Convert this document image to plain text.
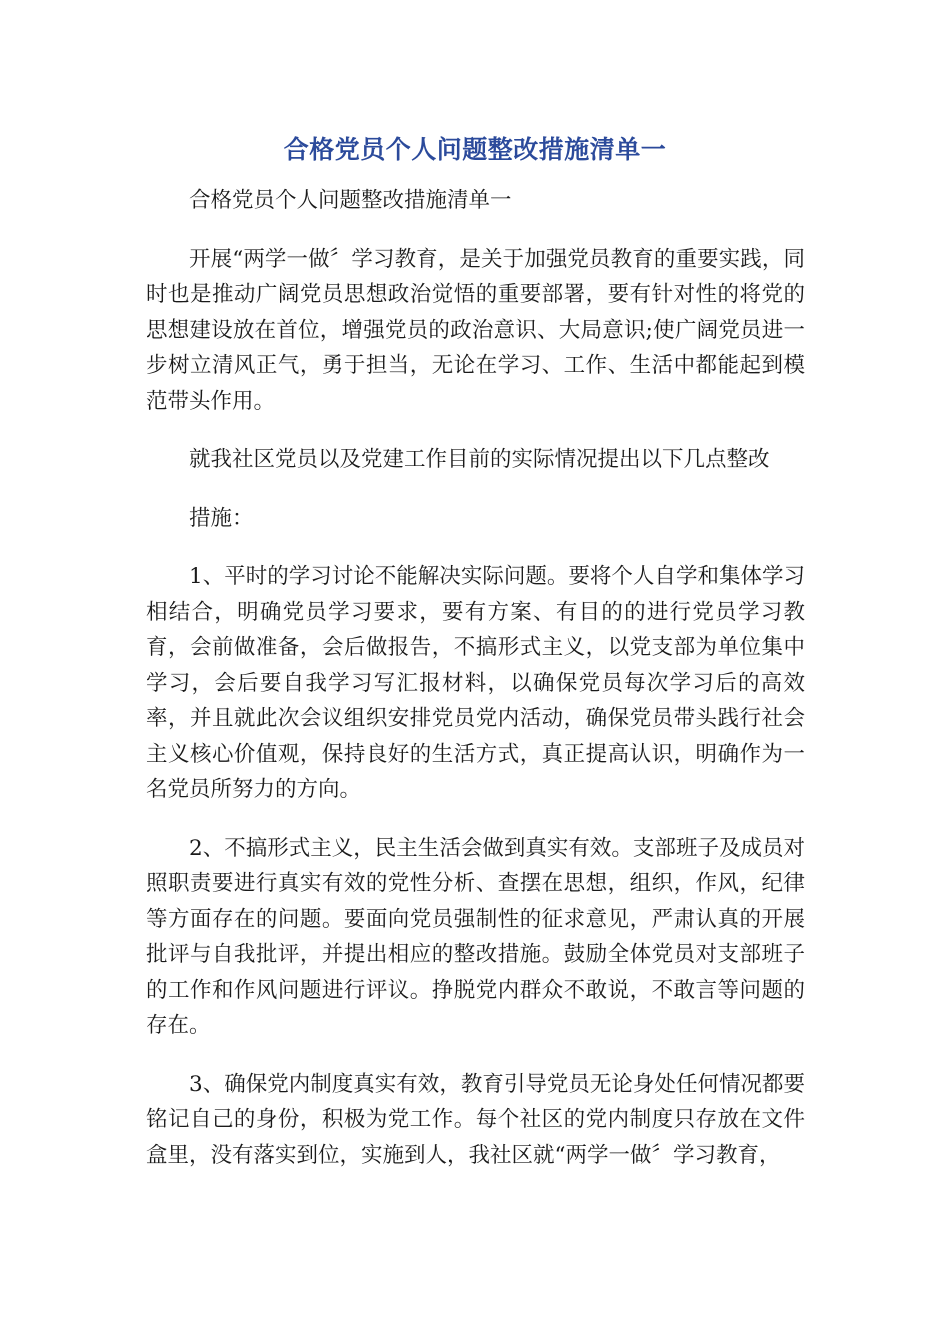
合格党员个人问题整改措施清单一

合格党员个人问题整改措施清单一

开展“两学一做〞学习教育，是关于加强党员教育的重要实践，同时也是推动广阔党员思想政治觉悟的重要部署，要有针对性的将党的思想建设放在首位，增强党员的政治意识、大局意识;使广阔党员进一步树立清风正气，勇于担当，无论在学习、工作、生活中都能起到模范带头作用。

就我社区党员以及党建工作目前的实际情况提出以下几点整改

措施：

1、平时的学习讨论不能解决实际问题。要将个人自学和集体学习相结合，明确党员学习要求，要有方案、有目的的进行党员学习教育，会前做准备，会后做报告，不搞形式主义，以党支部为单位集中学习，会后要自我学习写汇报材料，以确保党员每次学习后的高效率，并且就此次会议组织安排党员党内活动，确保党员带头践行社会主义核心价值观，保持良好的生活方式，真正提高认识，明确作为一名党员所努力的方向。

2、不搞形式主义，民主生活会做到真实有效。支部班子及成员对照职责要进行真实有效的党性分析、查摆在思想，组织，作风，纪律等方面存在的问题。要面向党员强制性的征求意见，严肃认真的开展批评与自我批评，并提出相应的整改措施。鼓励全体党员对支部班子的工作和作风问题进行评议。挣脱党内群众不敢说，不敢言等问题的存在。

3、确保党内制度真实有效，教育引导党员无论身处任何情况都要铭记自己的身份，积极为党工作。每个社区的党内制度只存放在文件盒里，没有落实到位，实施到人，我社区就“两学一做〞学习教育，
